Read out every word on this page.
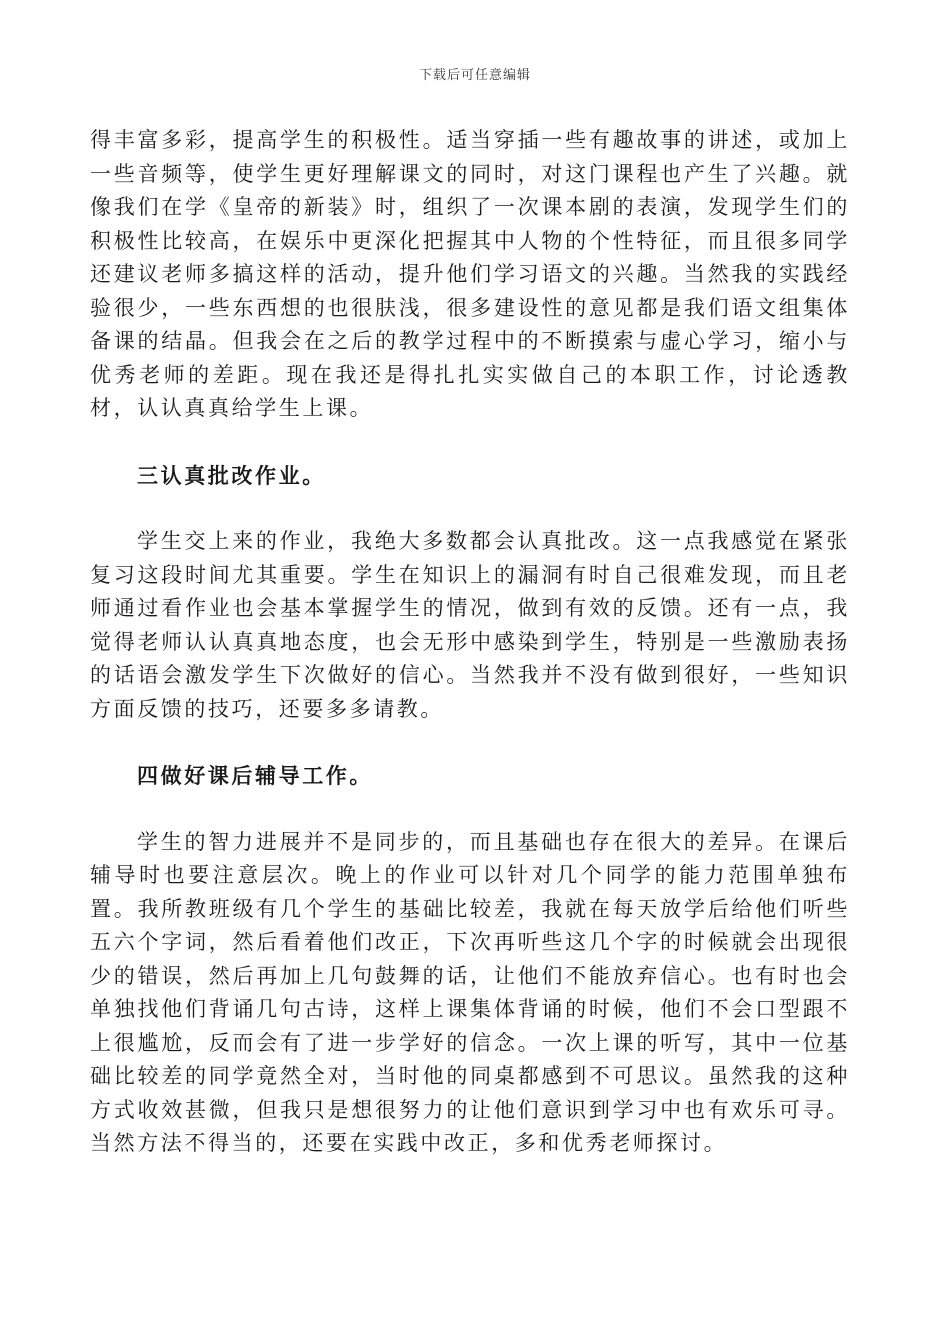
下载后可任意编辑

得丰富多彩，提高学生的积极性。适当穿插一些有趣故事的讲述，或加上一些音频等，使学生更好理解课文的同时，对这门课程也产生了兴趣。就像我们在学《皇帝的新装》时，组织了一次课本剧的表演，发现学生们的积极性比较高，在娱乐中更深化把握其中人物的个性特征，而且很多同学还建议老师多搞这样的活动，提升他们学习语文的兴趣。当然我的实践经验很少，一些东西想的也很肤浅，很多建设性的意见都是我们语文组集体备课的结晶。但我会在之后的教学过程中的不断摸索与虚心学习，缩小与优秀老师的差距。现在我还是得扎扎实实做自己的本职工作，讨论透教材，认认真真给学生上课。

三认真批改作业。

学生交上来的作业，我绝大多数都会认真批改。这一点我感觉在紧张复习这段时间尤其重要。学生在知识上的漏洞有时自己很难发现，而且老师通过看作业也会基本掌握学生的情况，做到有效的反馈。还有一点，我觉得老师认认真真地态度，也会无形中感染到学生，特别是一些激励表扬的话语会激发学生下次做好的信心。当然我并不没有做到很好，一些知识方面反馈的技巧，还要多多请教。

四做好课后辅导工作。

学生的智力进展并不是同步的，而且基础也存在很大的差异。在课后辅导时也要注意层次。晚上的作业可以针对几个同学的能力范围单独布置。我所教班级有几个学生的基础比较差，我就在每天放学后给他们听些五六个字词，然后看着他们改正，下次再听些这几个字的时候就会出现很少的错误，然后再加上几句鼓舞的话，让他们不能放弃信心。也有时也会单独找他们背诵几句古诗，这样上课集体背诵的时候，他们不会口型跟不上很尴尬，反而会有了进一步学好的信念。一次上课的听写，其中一位基础比较差的同学竟然全对，当时他的同桌都感到不可思议。虽然我的这种方式收效甚微，但我只是想很努力的让他们意识到学习中也有欢乐可寻。当然方法不得当的，还要在实践中改正，多和优秀老师探讨。
